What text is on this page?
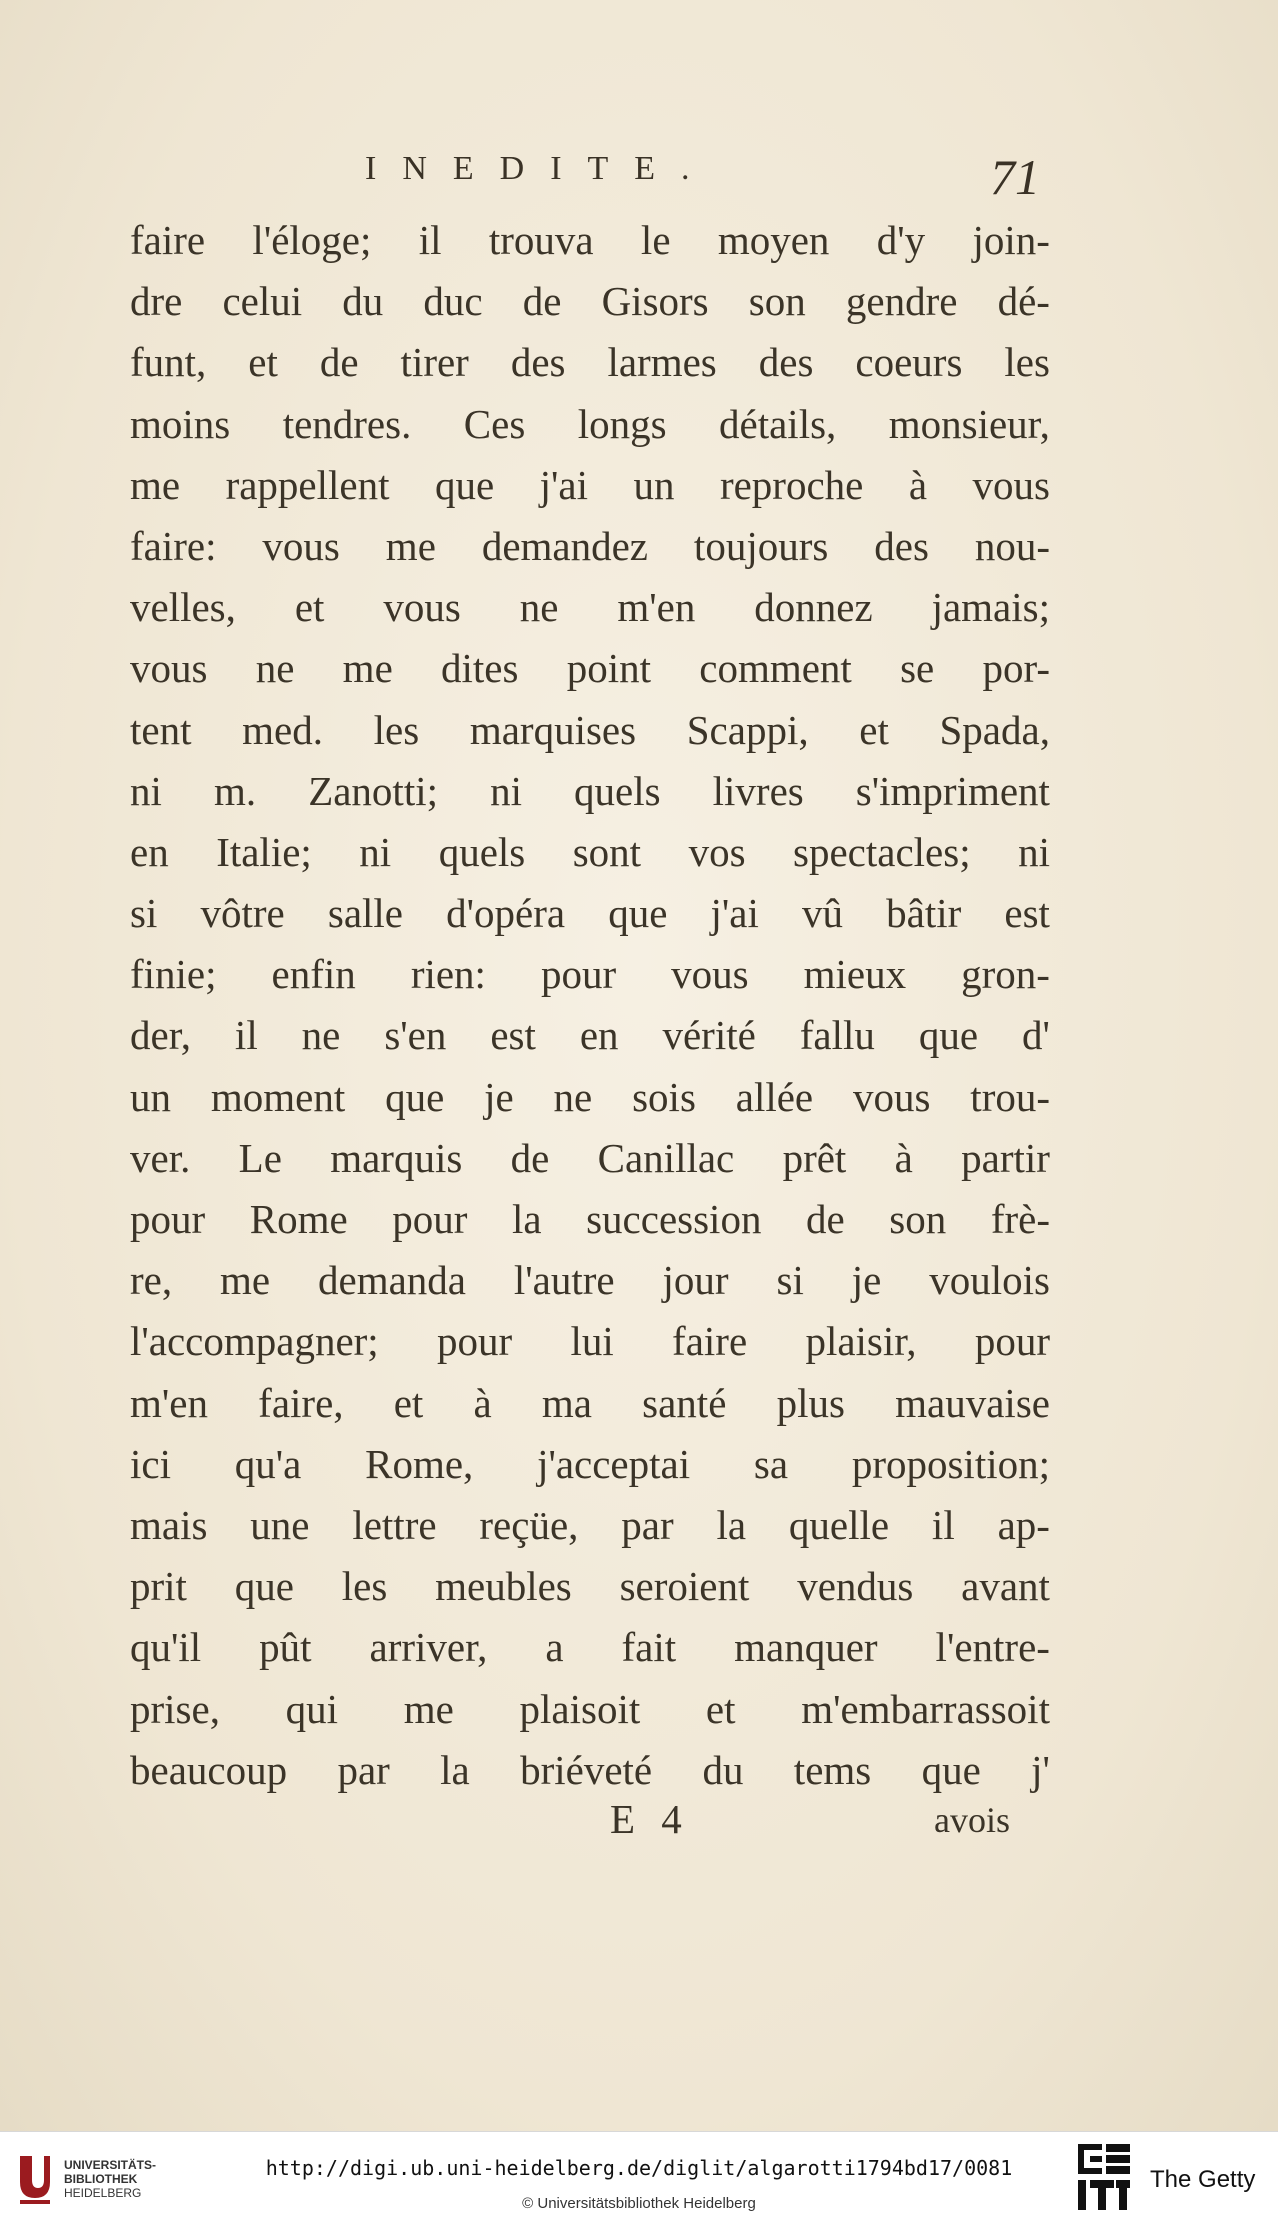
INEDITE.	71
faire l'éloge; il trouva le moyen d'y join-
dre celui du duc de Gisors son gendre dé-
funt, et de tirer des larmes des coeurs les
moins tendres. Ces longs détails, monsieur,
me rappellent que j'ai un reproche à vous
faire: vous me demandez toujours des nou-
velles, et vous ne m'en donnez jamais;
vous ne me dites point comment se por-
tent med. les marquises Scappi, et Spada,
ni m. Zanotti; ni quels livres s'impriment
en Italie; ni quels sont vos spectacles; ni
si vôtre salle d'opéra que j'ai vû bâtir est
finie; enfin rien: pour vous mieux gron-
der, il ne s'en est en vérité fallu que d'
un moment que je ne sois allée vous trou-
ver. Le marquis de Canillac prêt à partir
pour Rome pour la succession de son frè-
re, me demanda l'autre jour si je voulois
l'accompagner; pour lui faire plaisir, pour
m'en faire, et à ma santé plus mauvaise
ici qu'a Rome, j'acceptai sa proposition;
mais une lettre reçüe, par la quelle il ap-
prit que les meubles seroient vendus avant
qu'il pût arriver, a fait manquer l'entre-
prise, qui me plaisoit et m'embarrassoit
beaucoup par la briéveté du tems que j'
E 4	avois
UNIVERSITÄTS-
BIBLIOTHEK
HEIDELBERG
http://digi.ub.uni-heidelberg.de/diglit/algarotti1794bd17/0081
© Universitätsbibliothek Heidelberg
The Getty
